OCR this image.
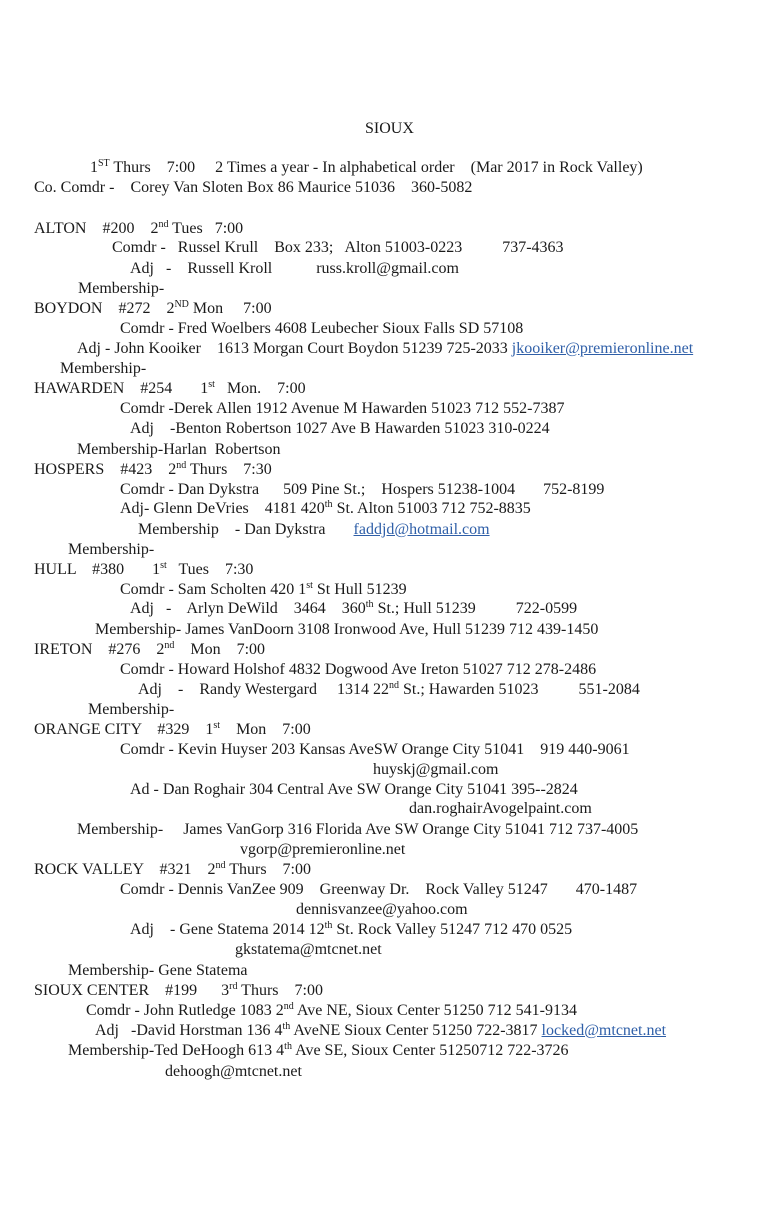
SIOUX
1ST Thurs    7:00     2 Times a year - In alphabetical order    (Mar 2017 in Rock Valley)
Co. Comdr -    Corey Van Sloten Box 86 Maurice 51036    360-5082
ALTON    #200    2nd Tues   7:00
Comdr -   Russel Krull    Box 233;   Alton 51003-0223          737-4363
Adj   -    Russell Kroll           russ.kroll@gmail.com
Membership-
BOYDON    #272    2ND Mon     7:00
Comdr - Fred Woelbers 4608 Leubecher Sioux Falls SD 57108
Adj - John Kooiker    1613 Morgan Court Boydon 51239 725-2033 jkooiker@premieronline.net
Membership-
HAWARDEN    #254       1st   Mon.    7:00
Comdr -Derek Allen 1912 Avenue M Hawarden 51023 712 552-7387
Adj    -Benton Robertson 1027 Ave B Hawarden 51023 310-0224
Membership-Harlan  Robertson
HOSPERS    #423    2nd Thurs    7:30
Comdr - Dan Dykstra      509 Pine St.;    Hospers 51238-1004       752-8199
Adj- Glenn DeVries    4181 420th St. Alton 51003 712 752-8835
Membership    - Dan Dykstra       faddjd@hotmail.com
Membership-
HULL    #380       1st   Tues    7:30
Comdr - Sam Scholten 420 1st St Hull 51239
Adj   -    Arlyn DeWild    3464    360th St.; Hull 51239          722-0599
Membership- James VanDoorn 3108 Ironwood Ave, Hull 51239 712 439-1450
IRETON    #276    2nd    Mon    7:00
Comdr - Howard Holshof 4832 Dogwood Ave Ireton 51027 712 278-2486
Adj    -    Randy Westergard     1314 22nd St.; Hawarden 51023          551-2084
Membership-
ORANGE CITY    #329    1st    Mon    7:00
Comdr - Kevin Huyser 203 Kansas AveSW Orange City 51041    919 440-9061
huyskj@gmail.com
Ad - Dan Roghair 304 Central Ave SW Orange City 51041 395--2824
dan.roghairAvogelpaint.com
Membership-     James VanGorp 316 Florida Ave SW Orange City 51041 712 737-4005
vgorp@premieronline.net
ROCK VALLEY    #321    2nd Thurs    7:00
Comdr - Dennis VanZee 909    Greenway Dr.    Rock Valley 51247       470-1487
dennisvanzee@yahoo.com
Adj    - Gene Statema 2014 12th St. Rock Valley 51247 712 470 0525
gkstatema@mtcnet.net
Membership- Gene Statema
SIOUX CENTER    #199      3rd Thurs    7:00
Comdr - John Rutledge 1083 2nd Ave NE, Sioux Center 51250 712 541-9134
Adj   -David Horstman 136 4th AveNE Sioux Center 51250 722-3817 locked@mtcnet.net
Membership-Ted DeHoogh 613 4th Ave SE, Sioux Center 51250712 722-3726
dehoogh@mtcnet.net
